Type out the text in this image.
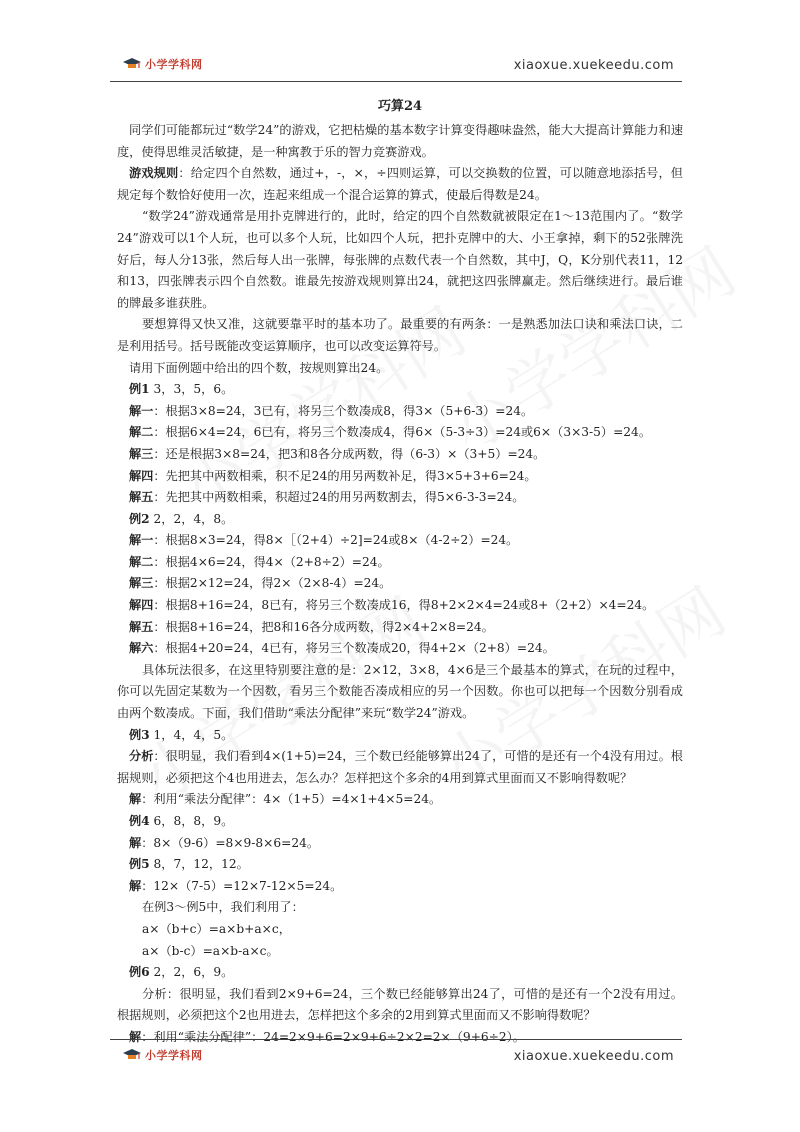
小学学科网	xiaoxue.xuekeedu.com
巧算24

同学们可能都玩过“数学24”的游戏，它把枯燥的基本数字计算变得趣味盎然，能大大提高计算能力和速度，使得思维灵活敏捷，是一种寓教于乐的智力竞赛游戏。

游戏规则：给定四个自然数，通过+，-，×，÷四则运算，可以交换数的位置，可以随意地添括号，但规定每个数恰好使用一次，连起来组成一个混合运算的算式，使最后得数是24。

“数学24”游戏通常是用扑克牌进行的，此时，给定的四个自然数就被限定在1～13范围内了。“数学24”游戏可以1个人玩，也可以多个人玩，比如四个人玩，把扑克牌中的大、小王拿掉，剩下的52张牌洗好后，每人分13张，然后每人出一张牌，每张牌的点数代表一个自然数，其中J，Q，K分别代表11，12和13，四张牌表示四个自然数。谁最先按游戏规则算出24，就把这四张牌赢走。然后继续进行。最后谁的牌最多谁获胜。

要想算得又快又准，这就要靠平时的基本功了。最重要的有两条：一是熟悉加法口诀和乘法口诀，二是利用括号。括号既能改变运算顺序，也可以改变运算符号。

请用下面例题中给出的四个数，按规则算出24。

例1 3，3，5，6。

解一：根据3×8=24，3已有，将另三个数凑成8，得3×（5+6-3）=24。

解二：根据6×4=24，6已有，将另三个数凑成4，得6×（5-3÷3）=24或6×（3×3-5）=24。

解三：还是根据3×8=24，把3和8各分成两数，得（6-3）×（3+5）=24。

解四：先把其中两数相乘，积不足24的用另两数补足，得3×5+3+6=24。

解五：先把其中两数相乘，积超过24的用另两数割去，得5×6-3-3=24。

例2 2，2，4，8。

解一：根据8×3=24，得8×［（2+4）÷2]=24或8×（4-2÷2）=24。

解二：根据4×6=24，得4×（2+8÷2）=24。

解三：根据2×12=24，得2×（2×8-4）=24。

解四：根据8+16=24，8已有，将另三个数凑成16，得8+2×2×4=24或8+（2+2）×4=24。

解五：根据8+16=24，把8和16各分成两数，得2×4+2×8=24。

解六：根据4+20=24，4已有，将另三个数凑成20，得4+2×（2+8）=24。

具体玩法很多，在这里特别要注意的是：2×12，3×8，4×6是三个最基本的算式，在玩的过程中，你可以先固定某数为一个因数，看另三个数能否凑成相应的另一个因数。你也可以把每一个因数分别看成由两个数凑成。下面，我们借助“乘法分配律”来玩“数学24”游戏。

例3 1，4，4，5。

分析：很明显，我们看到4×(1+5)=24，三个数已经能够算出24了，可惜的是还有一个4没有用过。根据规则，必须把这个4也用进去，怎么办？怎样把这个多余的4用到算式里面而又不影响得数呢？

解：利用“乘法分配律”：4×（1+5）=4×1+4×5=24。

例4 6，8，8，9。

解：8×（9-6）=8×9-8×6=24。

例5 8，7，12，12。

解：12×（7-5）=12×7-12×5=24。

在例3～例5中，我们利用了：

a×（b+c）=a×b+a×c，

a×（b-c）=a×b-a×c。

例6 2，2，6，9。

分析：很明显，我们看到2×9+6=24，三个数已经能够算出24了，可惜的是还有一个2没有用过。根据规则，必须把这个2也用进去，怎样把这个多余的2用到算式里面而又不影响得数呢？

解：利用“乘法分配律”：24=2×9+6=2×9+6÷2×2=2×（9+6÷2）。

小学学科网	xiaoxue.xuekeedu.com
